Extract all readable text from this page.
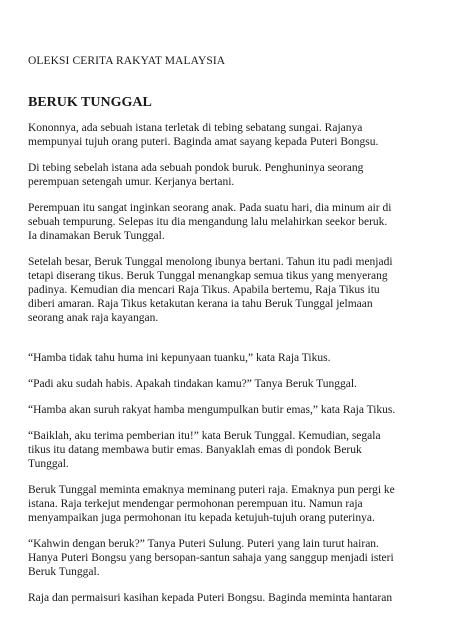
OLEKSI CERITA RAKYAT MALAYSIA
BERUK TUNGGAL

Kononnya, ada sebuah istana terletak di tebing sebatang sungai. Rajanya
mempunyai tujuh orang puteri. Baginda amat sayang kepada Puteri Bongsu.

Di tebing sebelah istana ada sebuah pondok buruk. Penghuninya seorang
perempuan setengah umur. Kerjanya bertani.

Perempuan itu sangat inginkan seorang anak. Pada suatu hari, dia minum air di
sebuah tempurung. Selepas itu dia mengandung lalu melahirkan seekor beruk.
Ia dinamakan Beruk Tunggal.

Setelah besar, Beruk Tunggal menolong ibunya bertani. Tahun itu padi menjadi
tetapi diserang tikus. Beruk Tunggal menangkap semua tikus yang menyerang
padinya. Kemudian dia mencari Raja Tikus. Apabila bertemu, Raja Tikus itu
diberi amaran. Raja Tikus ketakutan kerana ia tahu Beruk Tunggal jelmaan
seorang anak raja kayangan.

“Hamba tidak tahu huma ini kepunyaan tuanku,” kata Raja Tikus.

“Padi aku sudah habis. Apakah tindakan kamu?” Tanya Beruk Tunggal.

“Hamba akan suruh rakyat hamba mengumpulkan butir emas,” kata Raja Tikus.

“Baiklah, aku terima pemberian itu!” kata Beruk Tunggal. Kemudian, segala
tikus itu datang membawa butir emas. Banyaklah emas di pondok Beruk
Tunggal.

Beruk Tunggal meminta emaknya meminang puteri raja. Emaknya pun pergi ke
istana. Raja terkejut mendengar permohonan perempuan itu. Namun raja
menyampaikan juga permohonan itu kepada ketujuh-tujuh orang puterinya.

“Kahwin dengan beruk?” Tanya Puteri Sulung. Puteri yang lain turut hairan.
Hanya Puteri Bongsu yang bersopan-santun sahaja yang sanggup menjadi isteri
Beruk Tunggal.

Raja dan permaisuri kasihan kepada Puteri Bongsu. Baginda meminta hantaran
